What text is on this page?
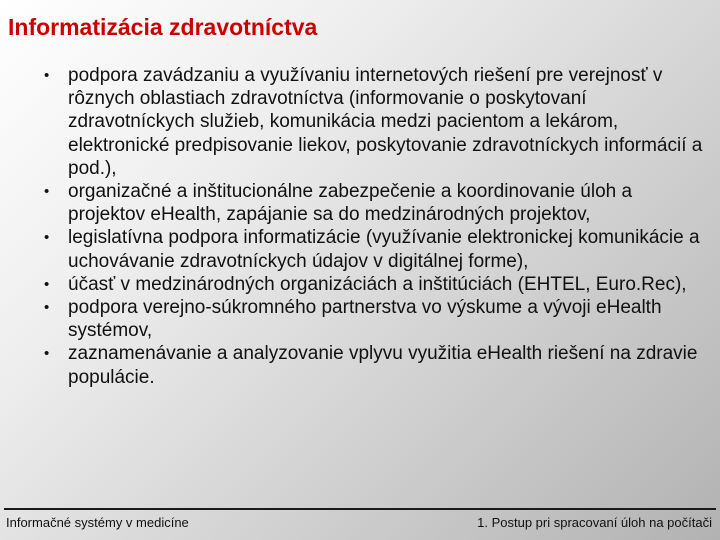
Informatizácia zdravotníctva
• podpora zavádzaniu a využívaniu internetových riešení pre verejnosť v rôznych oblastiach zdravotníctva (informovanie o poskytovaní zdravotníckych služieb, komunikácia medzi pacientom a lekárom, elektronické predpisovanie liekov, poskytovanie zdravotníckych informácií a pod.),
• organizačné a inštitucionálne zabezpečenie a koordinovanie úloh a projektov eHealth, zapájanie sa do medzinárodných projektov,
• legislatívna podpora informatizácie (využívanie elektronickej komunikácie a uchovávanie zdravotníckych údajov v digitálnej forme),
• účasť v medzinárodných organizáciách a inštitúciách (EHTEL, Euro.Rec),
• podpora verejno-súkromného partnerstva vo výskume a vývoji eHealth systémov,
• zaznamenávanie a analyzovanie vplyvu využitia eHealth riešení na zdravie populácie.
Informačné systémy v medicíne	1. Postup pri spracovaní úloh na počítači
